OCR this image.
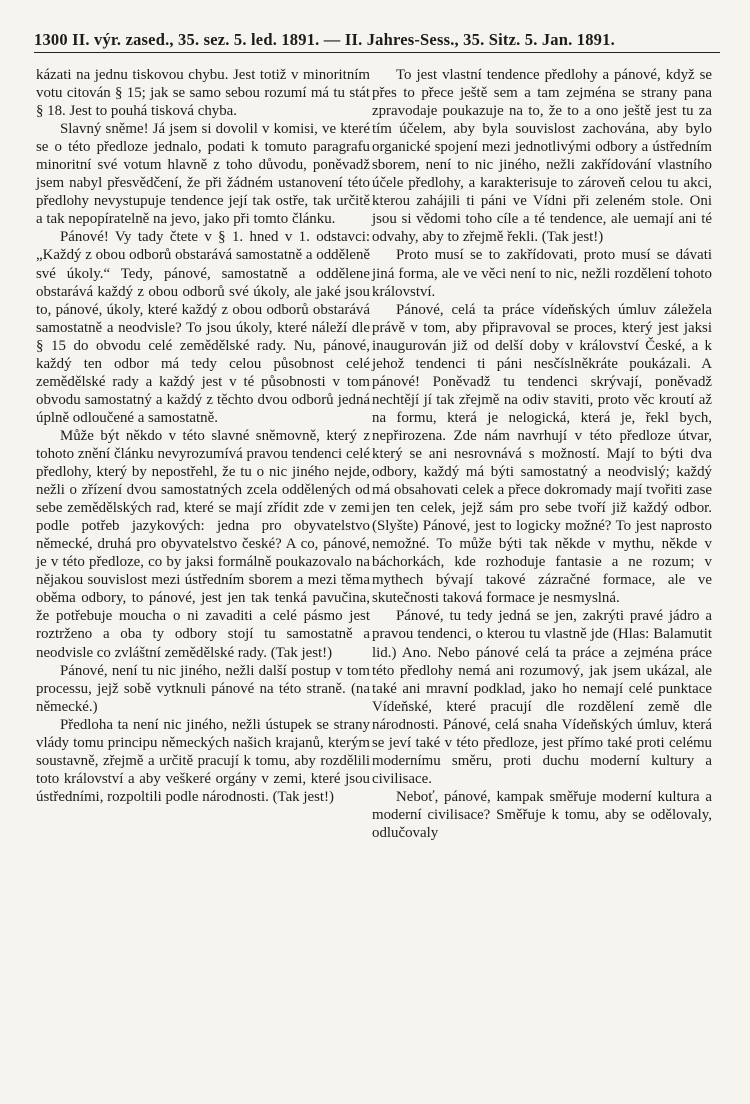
1300 II. výr. zased., 35. sez. 5. led. 1891. — II. Jahres-Sess., 35. Sitz. 5. Jan. 1891.

kázati na jednu tiskovou chybu. Jest totiž v minoritním votu citován § 15; jak se samo sebou rozumí má tu stát § 18. Jest to pouhá tisková chyba.

Slavný sněme! Já jsem si dovolil v komisi, ve které se o této předloze jednalo, podati k tomuto paragrafu minoritní své votum hlavně z toho důvodu, poněvadž jsem nabyl přesvědčení, že při žádném ustanovení této předlohy nevystupuje tendence její tak ostře, tak určitě a tak nepopíratelně na jevo, jako při tomto článku.

Pánové! Vy tady čtete v § 1. hned v 1. odstavci: „Každý z obou odborů obstarává samostatně a odděleně své úkoly.“ Tedy, pánové, samostatně a oddělene obstarává každý z obou odborů své úkoly, ale jaké jsou to, pánové, úkoly, které každý z obou odborů obstarává samostatně a neodvisle? To jsou úkoly, které náleží dle § 15 do obvodu celé zemědělské rady. Nu, pánové, každý ten odbor má tedy celou působnost celé zemědělské rady a každý jest v té působnosti v tom obvodu samostatný a každý z těchto dvou odborů jedná úplně odloučené a samostatně.

Může být někdo v této slavné sněmovně, který z tohoto znění článku nevyrozumívá pravou tendenci celé předlohy, který by nepostřehl, že tu o nic jiného nejde, nežli o zřízení dvou samostatných zcela oddělených od sebe zemědělských rad, které se mají zřídit zde v zemi podle potřeb jazykových: jedna pro obyvatelstvo německé, druhá pro obyvatelstvo české? A co, pánové, je v této předloze, co by jaksi formálně poukazovalo na nějakou souvislost mezi ústředním sborem a mezi těma oběma odbory, to pánové, jest jen tak tenká pavučina, že potřebuje moucha o ni zavaditi a celé pásmo jest roztrženo a oba ty odbory stojí tu samostatně a neodvisle co zvláštní zemědělské rady. (Tak jest!)

Pánové, není tu nic jiného, nežli další postup v tom processu, jejž sobě vytknuli pánové na této straně. (na německé.)

Předloha ta není nic jiného, nežli ústupek se strany vlády tomu principu německých našich krajanů, kterým soustavně, zřejmě a určitě pracují k tomu, aby rozdělili toto království a aby veškeré orgány v zemi, které jsou ústředními, rozpoltili podle národnosti. (Tak jest!)

To jest vlastní tendence předlohy a pánové, když se přes to přece ještě sem a tam zejména se strany pana zpravodaje poukazuje na to, že to a ono ještě jest tu za tím účelem, aby byla souvislost zachována, aby bylo organické spojení mezi jednotlivými odbory a ústředním sborem, není to nic jiného, nežli zakřídování vlastního účele předlohy, a karakterisuje to zároveň celou tu akci, kterou zahájili ti páni ve Vídni při zeleném stole. Oni jsou si vědomi toho cíle a té tendence, ale uemají ani té odvahy, aby to zřejmě řekli. (Tak jest!)

Proto musí se to zakřídovati, proto musí se dávati jiná forma, ale ve věci není to nic, nežli rozdělení tohoto království.

Pánové, celá ta práce vídeňských úmluv záležela právě v tom, aby připravoval se proces, který jest jaksi inaugurován již od delší doby v království České, a k jehož tendenci ti páni nesčíslněkráte poukázali. A pánové! Poněvadž tu tendenci skrývají, poněvadž nechtějí jí tak zřejmě na odiv staviti, proto věc kroutí až na formu, která je nelogická, která je, řekl bych, nepřirozena. Zde nám navrhují v této předloze útvar, který se ani nesrovnává s možností. Mají to býti dva odbory, každý má býti samostatný a neodvislý; každý má obsahovati celek a přece dokromady mají tvořiti zase jen ten celek, jejž sám pro sebe tvoří již každý odbor. (Slyšte) Pánové, jest to logicky možné? To jest naprosto nemožné. To může býti tak někde v mythu, někde v báchorkách, kde rozhoduje fantasie a ne rozum; v mythech bývají takové zázračné formace, ale ve skutečnosti taková formace je nesmyslná.

Pánové, tu tedy jedná se jen, zakrýti pravé jádro a pravou tendenci, o kterou tu vlastně jde (Hlas: Balamutit lid.) Ano. Nebo pánové celá ta práce a zejména práce této předlohy nemá ani rozumový, jak jsem ukázal, ale také ani mravní podklad, jako ho nemají celé punktace Vídeňské, které pracují dle rozdělení země dle národnosti. Pánové, celá snaha Vídeňských úmluv, která se jeví také v této předloze, jest přímo také proti celému modernímu směru, proti duchu moderní kultury a civilisace.

Neboť, pánové, kampak směřuje moderní kultura a moderní civilisace? Směřuje k tomu, aby se odělovaly, odlučovaly
